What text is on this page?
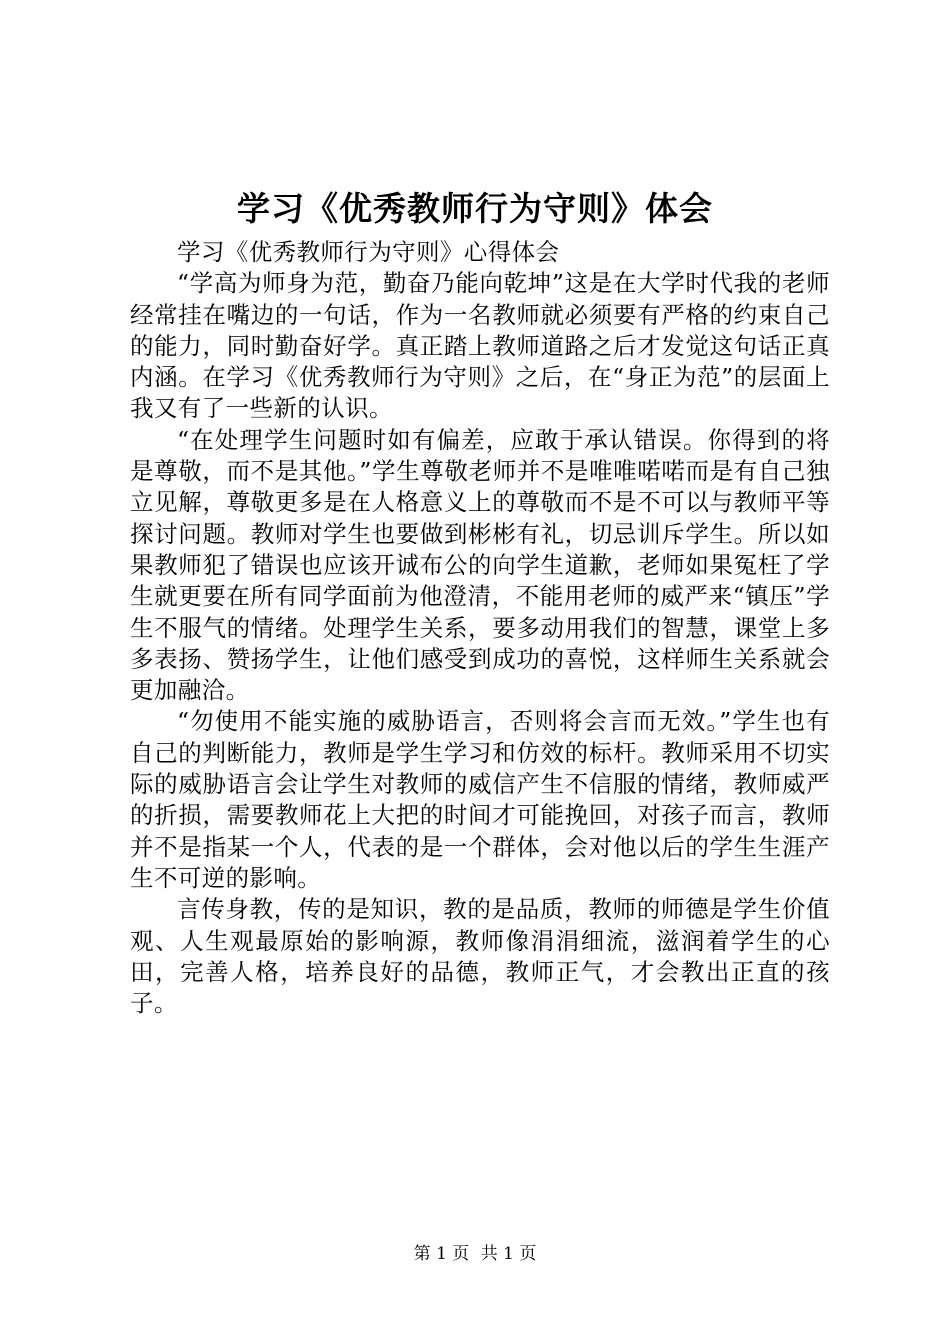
学习《优秀教师行为守则》体会

学习《优秀教师行为守则》心得体会

“学高为师身为范，勤奋乃能向乾坤”这是在大学时代我的老师经常挂在嘴边的一句话，作为一名教师就必须要有严格的约束自己的能力，同时勤奋好学。真正踏上教师道路之后才发觉这句话正真内涵。在学习《优秀教师行为守则》之后，在“身正为范”的层面上我又有了一些新的认识。

“在处理学生问题时如有偏差，应敢于承认错误。你得到的将是尊敬，而不是其他。”学生尊敬老师并不是唯唯喏喏而是有自己独立见解，尊敬更多是在人格意义上的尊敬而不是不可以与教师平等探讨问题。教师对学生也要做到彬彬有礼，切忌训斥学生。所以如果教师犯了错误也应该开诚布公的向学生道歉，老师如果冤枉了学生就更要在所有同学面前为他澄清，不能用老师的威严来“镇压”学生不服气的情绪。处理学生关系，要多动用我们的智慧，课堂上多多表扬、赞扬学生，让他们感受到成功的喜悦，这样师生关系就会更加融洽。

“勿使用不能实施的威胁语言，否则将会言而无效。”学生也有自己的判断能力，教师是学生学习和仿效的标杆。教师采用不切实际的威胁语言会让学生对教师的威信产生不信服的情绪，教师威严的折损，需要教师花上大把的时间才可能挽回，对孩子而言，教师并不是指某一个人，代表的是一个群体，会对他以后的学生生涯产生不可逆的影响。

言传身教，传的是知识，教的是品质，教师的师德是学生价值观、人生观最原始的影响源，教师像涓涓细流，滋润着学生的心田，完善人格，培养良好的品德，教师正气，才会教出正直的孩子。

第 1 页 共 1 页
